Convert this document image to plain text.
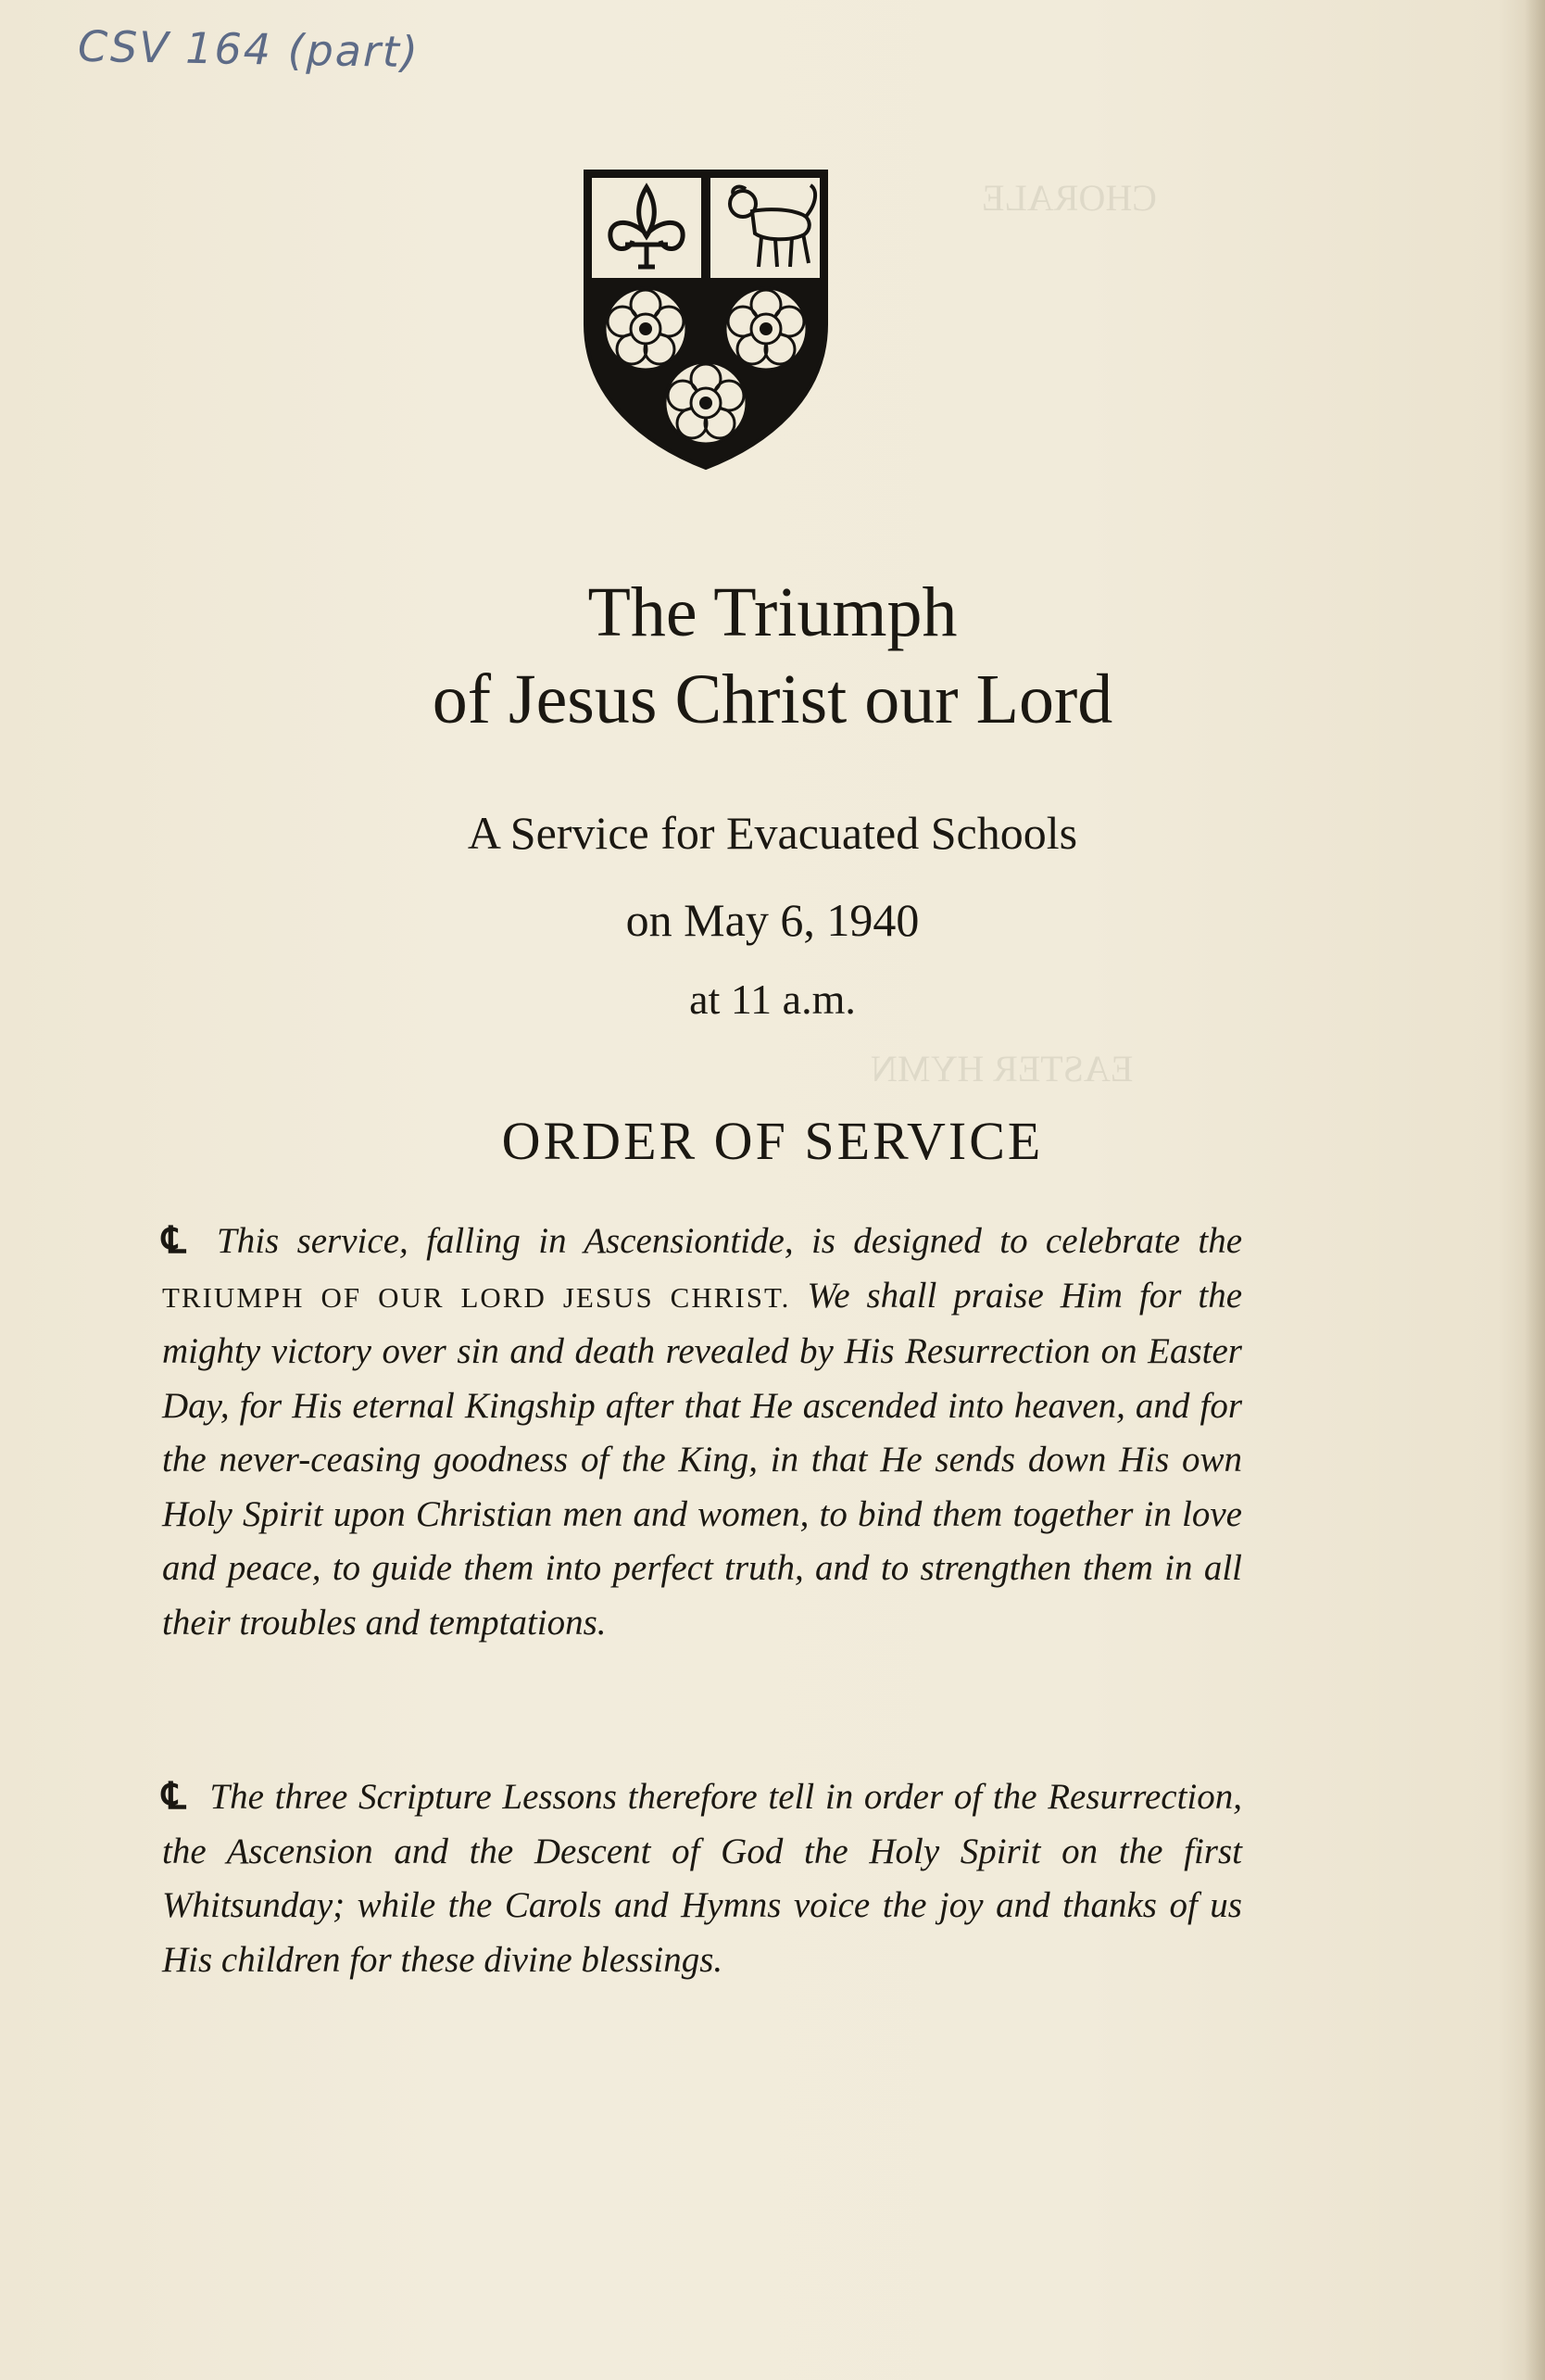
CSV 164 (part)
CHORALE
EASTER HYMN
The Triumph
of Jesus Christ our Lord
A Service for Evacuated Schools
on May 6, 1940
at 11 a.m.
ORDER OF SERVICE
℄ This service, falling in Ascensiontide, is designed to celebrate the TRIUMPH OF OUR LORD JESUS CHRIST. We shall praise Him for the mighty victory over sin and death revealed by His Resurrection on Easter Day, for His eternal Kingship after that He ascended into heaven, and for the never-ceasing goodness of the King, in that He sends down His own Holy Spirit upon Christian men and women, to bind them together in love and peace, to guide them into perfect truth, and to strengthen them in all their troubles and temptations.
℄ The three Scripture Lessons therefore tell in order of the Resurrection, the Ascension and the Descent of God the Holy Spirit on the first Whitsunday; while the Carols and Hymns voice the joy and thanks of us His children for these divine blessings.
